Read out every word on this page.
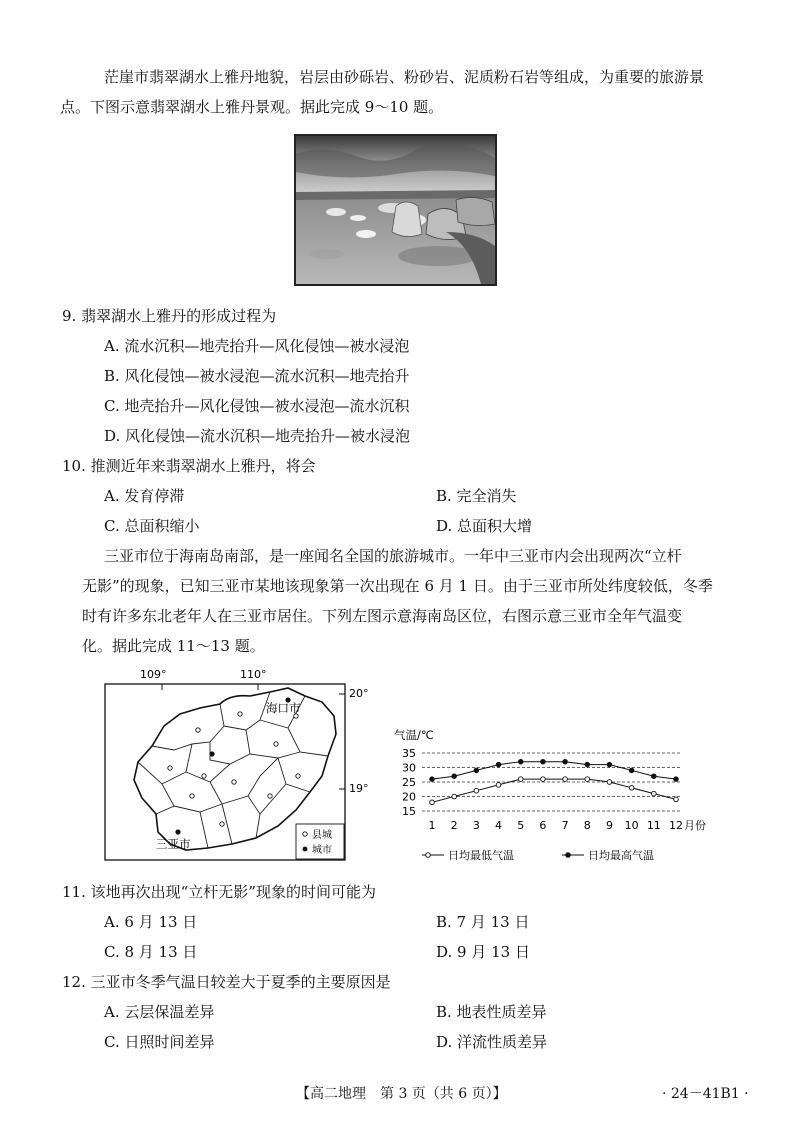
茫崖市翡翠湖水上雅丹地貌，岩层由砂砾岩、粉砂岩、泥质粉石岩等组成，为重要的旅游景
点。下图示意翡翠湖水上雅丹景观。据此完成 9～10 题。
9. 翡翠湖水上雅丹的形成过程为
A. 流水沉积—地壳抬升—风化侵蚀—被水浸泡
B. 风化侵蚀—被水浸泡—流水沉积—地壳抬升
C. 地壳抬升—风化侵蚀—被水浸泡—流水沉积
D. 风化侵蚀—流水沉积—地壳抬升—被水浸泡
10. 推测近年来翡翠湖水上雅丹，将会
A. 发育停滞	B. 完全消失
C. 总面积缩小	D. 总面积大增
三亚市位于海南岛南部，是一座闻名全国的旅游城市。一年中三亚市内会出现两次“立杆
无影”的现象，已知三亚市某地该现象第一次出现在 6 月 1 日。由于三亚市所处纬度较低，冬季
时有许多东北老年人在三亚市居住。下列左图示意海南岛区位，右图示意三亚市全年气温变
化。据此完成 11～13 题。
109°	110°
20°
19°
海口市
三亚市
县城
城市
气温/℃
15
20
25
30
35
1 2 3 4 5 6 7 8 9 10 11 12 月份
日均最低气温	日均最高气温
11. 该地再次出现“立杆无影”现象的时间可能为
A. 6 月 13 日	B. 7 月 13 日
C. 8 月 13 日	D. 9 月 13 日
12. 三亚市冬季气温日较差大于夏季的主要原因是
A. 云层保温差异	B. 地表性质差异
C. 日照时间差异	D. 洋流性质差异
【高二地理　第 3 页（共 6 页）】	· 24－41B1 ·
